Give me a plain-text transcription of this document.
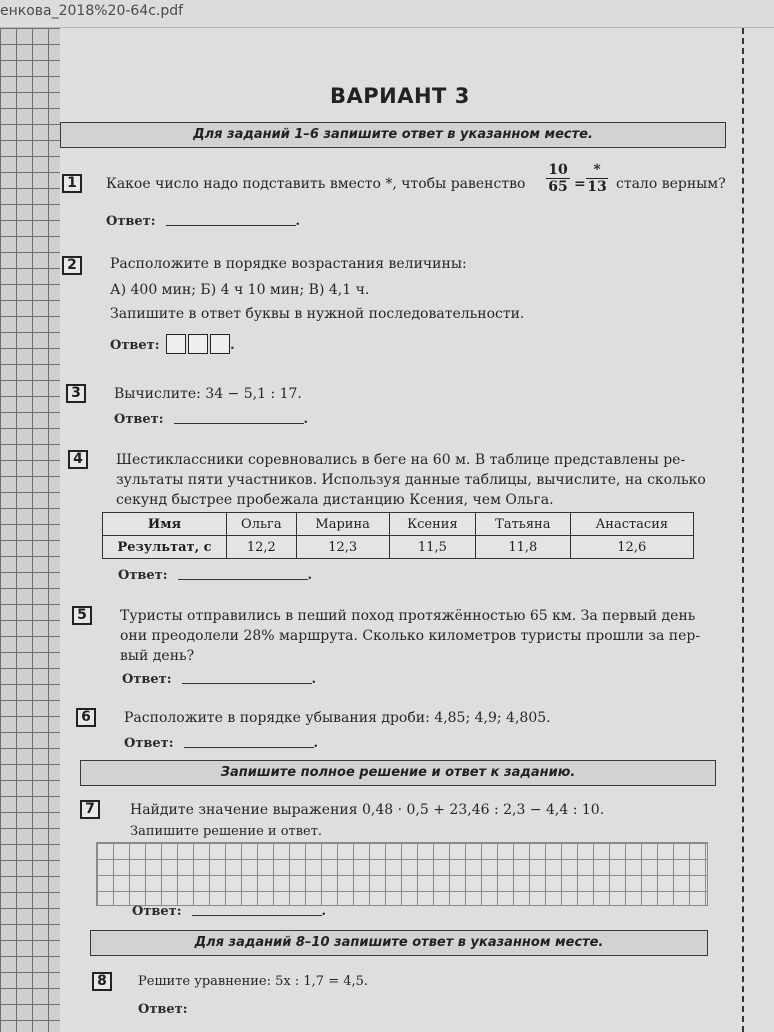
енкова_2018%20-64с.pdf
ВАРИАНТ 3
Для заданий 1–6 запишите ответ в указанном месте.
1	Какое число надо подставить вместо *, чтобы равенство $\frac{10}{65}$ =
*
13 стало верным?
Ответ:	.
2	Расположите в порядке возрастания величины:
А) 400 мин; Б) 4 ч 10 мин; В) 4,1 ч.
Запишите в ответ буквы в нужной последовательности.
Ответ:	.
3	Вычислите: 34 − 5,1 : 17.
Ответ:	.
4	Шестиклассники соревновались в беге на 60 м. В таблице представлены ре-
зультаты пяти участников. Используя данные таблицы, вычислите, на сколько
секунд быстрее пробежала дистанцию Ксения, чем Ольга.
Имя	Ольга	Марина	Ксения	Татьяна	Анастасия
Результат, с	12,2	12,3	11,5	11,8	12,6
Ответ:	.
5	Туристы отправились в пеший поход протяжённостью 65 км. За первый день
они преодолели 28% маршрута. Сколько километров туристы прошли за пер-
вый день?
Ответ:	.
6	Расположите в порядке убывания дроби: 4,85; 4,9; 4,805.
Ответ:	.
Запишите полное решение и ответ к заданию.
7	Найдите значение выражения 0,48 · 0,5 + 23,46 : 2,3 − 4,4 : 10.
Запишите решение и ответ.
Ответ:	.
Для заданий 8–10 запишите ответ в указанном месте.
8	Решите уравнение: 5x : 1,7 = 4,5.
Ответ:
